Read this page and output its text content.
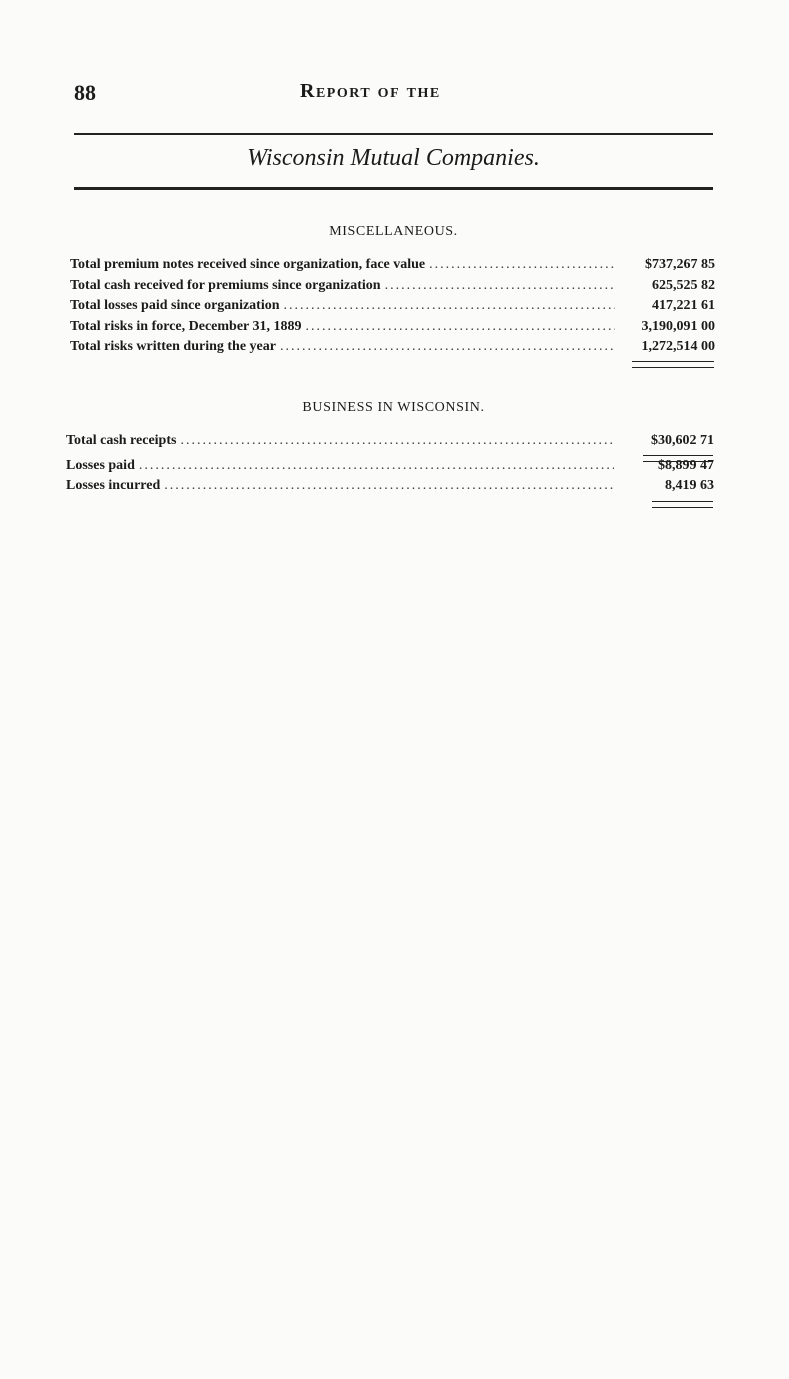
88	Report of the
Wisconsin Mutual Companies.
MISCELLANEOUS.
Total premium notes received since organization, face value .....	$737,267 85
Total cash received for premiums since organization .....	625,525 82
Total losses paid since organization .....	417,221 61
Total risks in force, December 31, 1889 .....	3,190,091 00
Total risks written during the year .....	1,272,514 00
BUSINESS IN WISCONSIN.
Total cash receipts .....	$30,602 71
Losses paid .....	$8,899 47
Losses incurred .....	8,419 63
